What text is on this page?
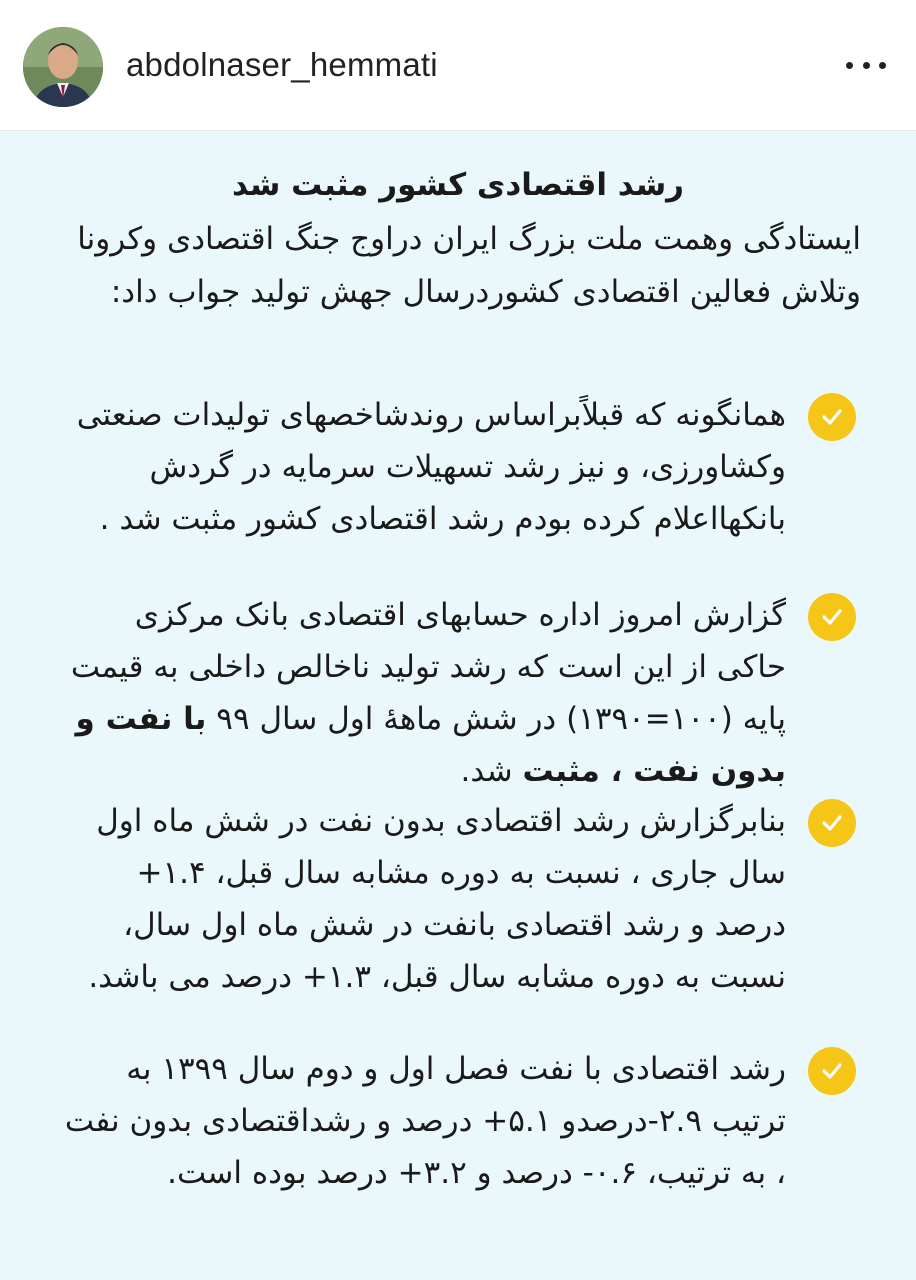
abdolnaser_hemmati
رشد اقتصادی کشور مثبت شد
ایستادگی وهمت ملت بزرگ ایران دراوج جنگ اقتصادی وکرونا وتلاش فعالین اقتصادی کشوردرسال جهش تولید جواب داد:
همانگونه که قبلاًبراساس روندشاخصهای تولیدات صنعتی وکشاورزی، و نیز رشد تسهیلات سرمایه در گردش بانکهااعلام کرده بودم رشد اقتصادی کشور مثبت شد .
گزارش امروز اداره حسابهای اقتصادی بانک مرکزی حاکی از این است که رشد تولید ناخالص داخلی به قیمت پایه (۱۰۰=۱۳۹۰) در شش ماهۀ اول سال ۹۹ با نفت و بدون نفت ، مثبت شد.
بنابرگزارش رشد اقتصادی بدون نفت در شش ماه اول سال جاری ، نسبت به دوره مشابه سال قبل، ۱.۴+ درصد و رشد اقتصادی بانفت در شش ماه اول سال، نسبت به دوره مشابه سال قبل، ۱.۳+ درصد می باشد.
رشد اقتصادی با نفت فصل اول و دوم سال ۱۳۹۹ به ترتیب ۲.۹-درصدو ۵.۱+ درصد و رشداقتصادی بدون نفت ، به ترتیب، ۰.۶- درصد و ۳.۲+ درصد بوده است.
